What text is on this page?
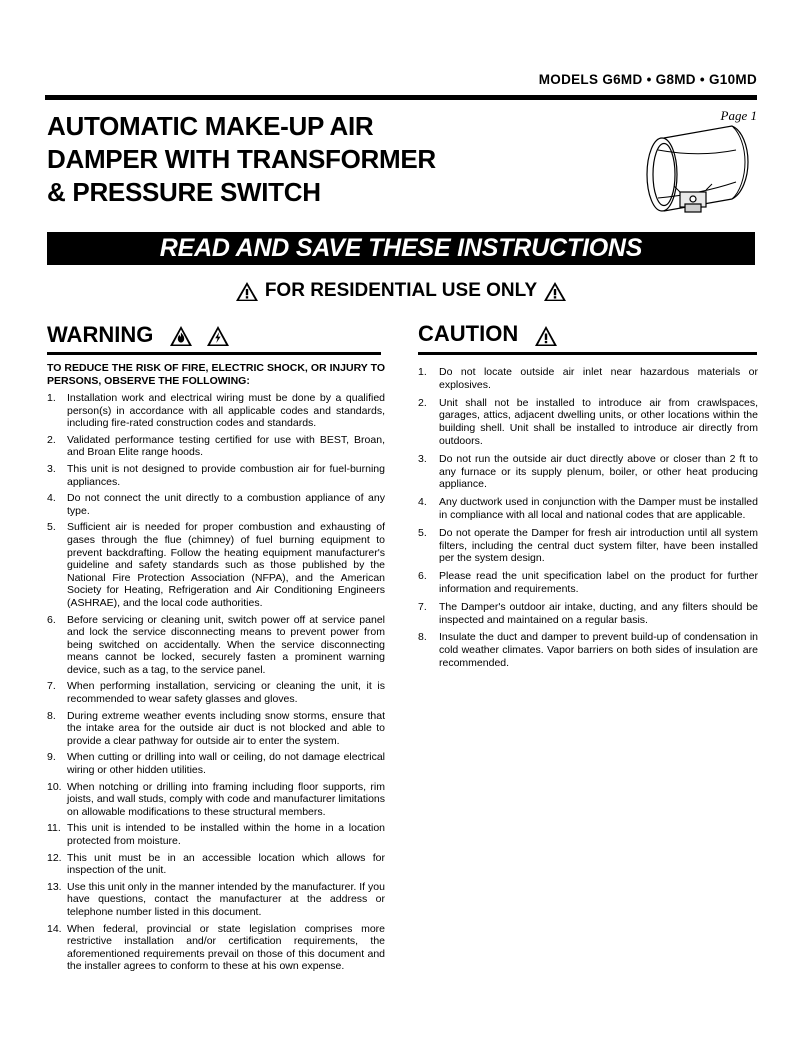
MODELS G6MD • G8MD • G10MD
Page 1
AUTOMATIC MAKE-UP AIR
DAMPER WITH TRANSFORMER
& PRESSURE SWITCH
READ AND SAVE THESE INSTRUCTIONS
FOR RESIDENTIAL USE ONLY
WARNING
	CAUTION
TO REDUCE THE RISK OF FIRE, ELECTRIC SHOCK, OR INJURY TO PERSONS, OBSERVE THE FOLLOWING:
1.	Installation work and electrical wiring must be done by a qualified person(s) in accordance with all applicable codes and standards, including fire-rated construction codes and standards.
2.	Validated performance testing certified for use with BEST, Broan, and Broan Elite range hoods.
3.	This unit is not designed to provide combustion air for fuel-burning appliances.
4.	Do not connect the unit directly to a combustion appliance of any type.
5.	Sufficient air is needed for proper combustion and exhausting of gases through the flue (chimney) of fuel burning equipment to prevent backdrafting. Follow the heating equipment manufacturer's guideline and safety standards such as those published by the National Fire Protection Association (NFPA), and the American Society for Heating, Refrigeration and Air Conditioning Engineers (ASHRAE), and the local code authorities.
6.	Before servicing or cleaning unit, switch power off at service panel and lock the service disconnecting means to prevent power from being switched on accidentally. When the service disconnecting means cannot be locked, securely fasten a prominent warning device, such as a tag, to the service panel.
7.	When performing installation, servicing or cleaning the unit, it is recommended to wear safety glasses and gloves.
8.	During extreme weather events including snow storms, ensure that the intake area for the outside air duct is not blocked and able to provide a clear pathway for outside air to enter the system.
9.	When cutting or drilling into wall or ceiling, do not damage electrical wiring or other hidden utilities.
10. When notching or drilling into framing including floor supports, rim joists, and wall studs, comply with code and manufacturer limitations on allowable modifications to these structural members.
11. This unit is intended to be installed within the home in a location protected from moisture.
12. This unit must be in an accessible location which allows for inspection of the unit.
13. Use this unit only in the manner intended by the manufacturer. If you have questions, contact the manufacturer at the address or telephone number listed in this document.
14. When federal, provincial or state legislation comprises more restrictive installation and/or certification requirements, the aforementioned requirements prevail on those of this document and the installer agrees to conform to these at his own expense.
1.	Do not locate outside air inlet near hazardous materials or explosives.
2.	Unit shall not be installed to introduce air from crawlspaces, garages, attics, adjacent dwelling units, or other locations within the building shell. Unit shall be installed to introduce air directly from outdoors.
3.	Do not run the outside air duct directly above or closer than 2 ft to any furnace or its supply plenum, boiler, or other heat producing appliance.
4.	Any ductwork used in conjunction with the Damper must be installed in compliance with all local and national codes that are applicable.
5.	Do not operate the Damper for fresh air introduction until all system filters, including the central duct system filter, have been installed per the system design.
6.	Please read the unit specification label on the product for further information and requirements.
7.	The Damper's outdoor air intake, ducting, and any filters should be inspected and maintained on a regular basis.
8.	Insulate the duct and damper to prevent build-up of condensation in cold weather climates. Vapor barriers on both sides of insulation are recommended.
